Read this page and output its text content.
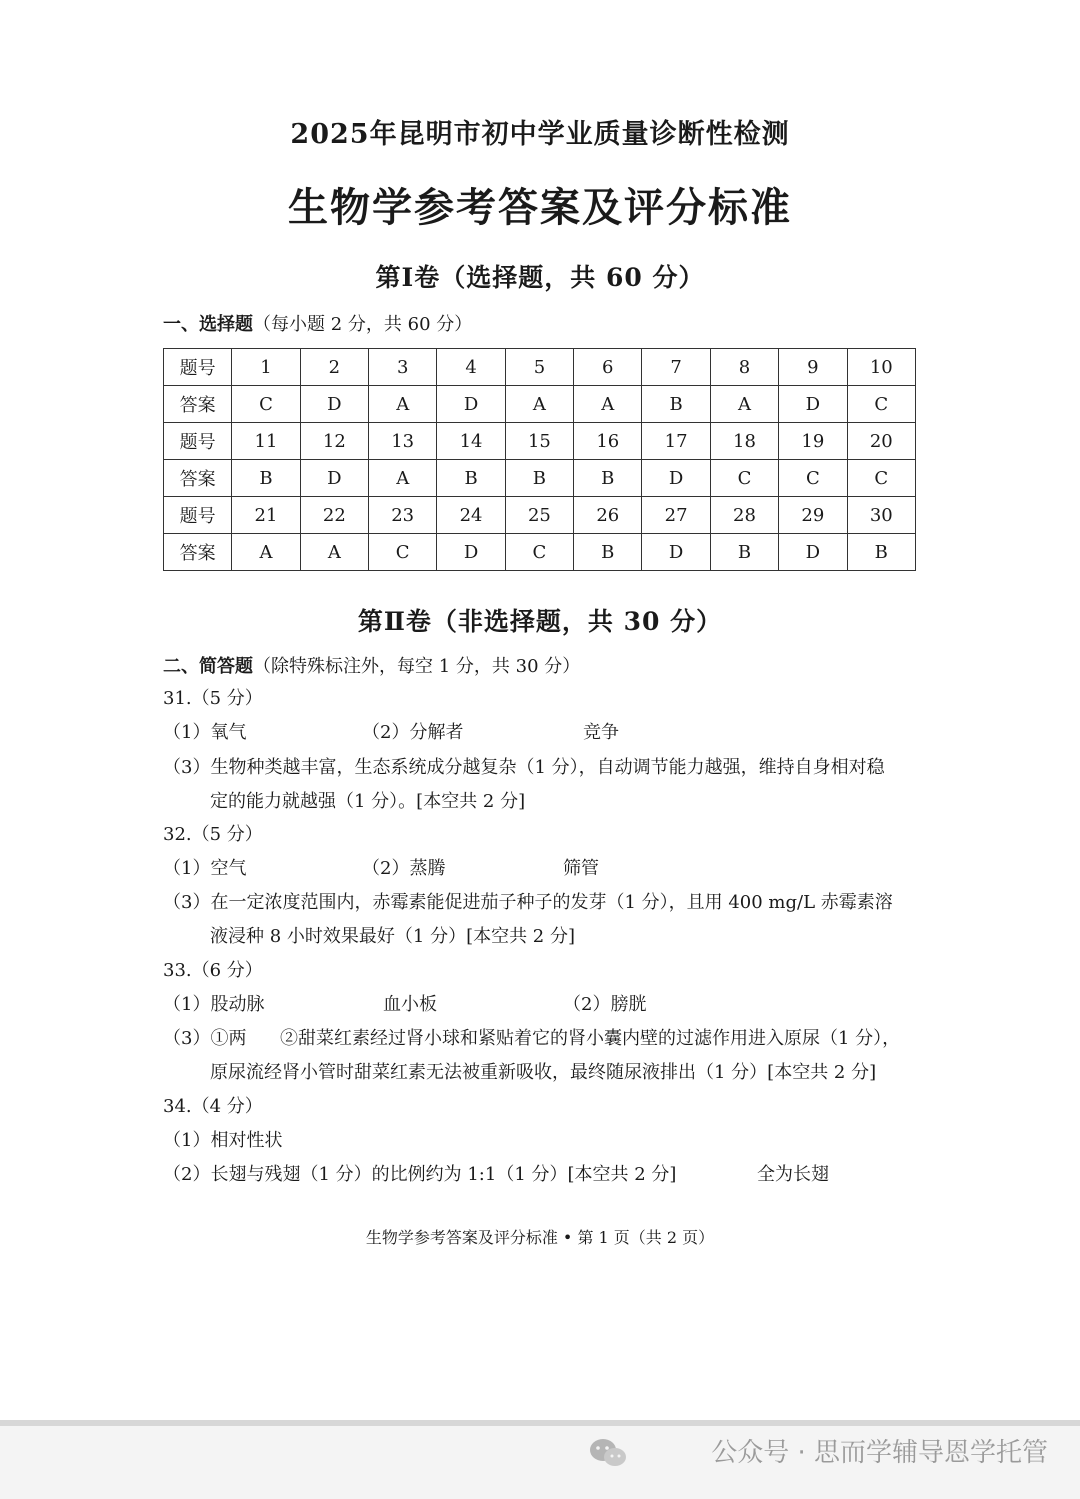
2025年昆明市初中学业质量诊断性检测
生物学参考答案及评分标准
第Ⅰ卷（选择题，共 60 分）
一、选择题（每小题 2 分，共 60 分）
题号	1	2	3	4	5	6	7	8	9	10
答案	C	D	A	D	A	A	B	A	D	C
题号	11	12	13	14	15	16	17	18	19	20
答案	B	D	A	B	B	B	D	C	C	C
题号	21	22	23	24	25	26	27	28	29	30
答案	A	A	C	D	C	B	D	B	D	B
第Ⅱ卷（非选择题，共 30 分）
二、简答题（除特殊标注外，每空 1 分，共 30 分）
31.（5 分）
（1）氧气	（2）分解者	竞争
（3）生物种类越丰富，生态系统成分越复杂（1 分），自动调节能力越强，维持自身相对稳
定的能力就越强（1 分）。[本空共 2 分]
32.（5 分）
（1）空气	（2）蒸腾	筛管
（3）在一定浓度范围内，赤霉素能促进茄子种子的发芽（1 分），且用 400 mg/L 赤霉素溶
液浸种 8 小时效果最好（1 分）[本空共 2 分]
33.（6 分）
（1）股动脉	血小板	（2）膀胱
（3）①两 ②甜菜红素经过肾小球和紧贴着它的肾小囊内壁的过滤作用进入原尿（1 分），
原尿流经肾小管时甜菜红素无法被重新吸收，最终随尿液排出（1 分）[本空共 2 分]
34.（4 分）
（1）相对性状
（2）长翅与残翅（1 分）的比例约为 1:1（1 分）[本空共 2 分]	全为长翅
生物学参考答案及评分标准 • 第 1 页（共 2 页）
公众号 · 思而学辅导恩学托管
